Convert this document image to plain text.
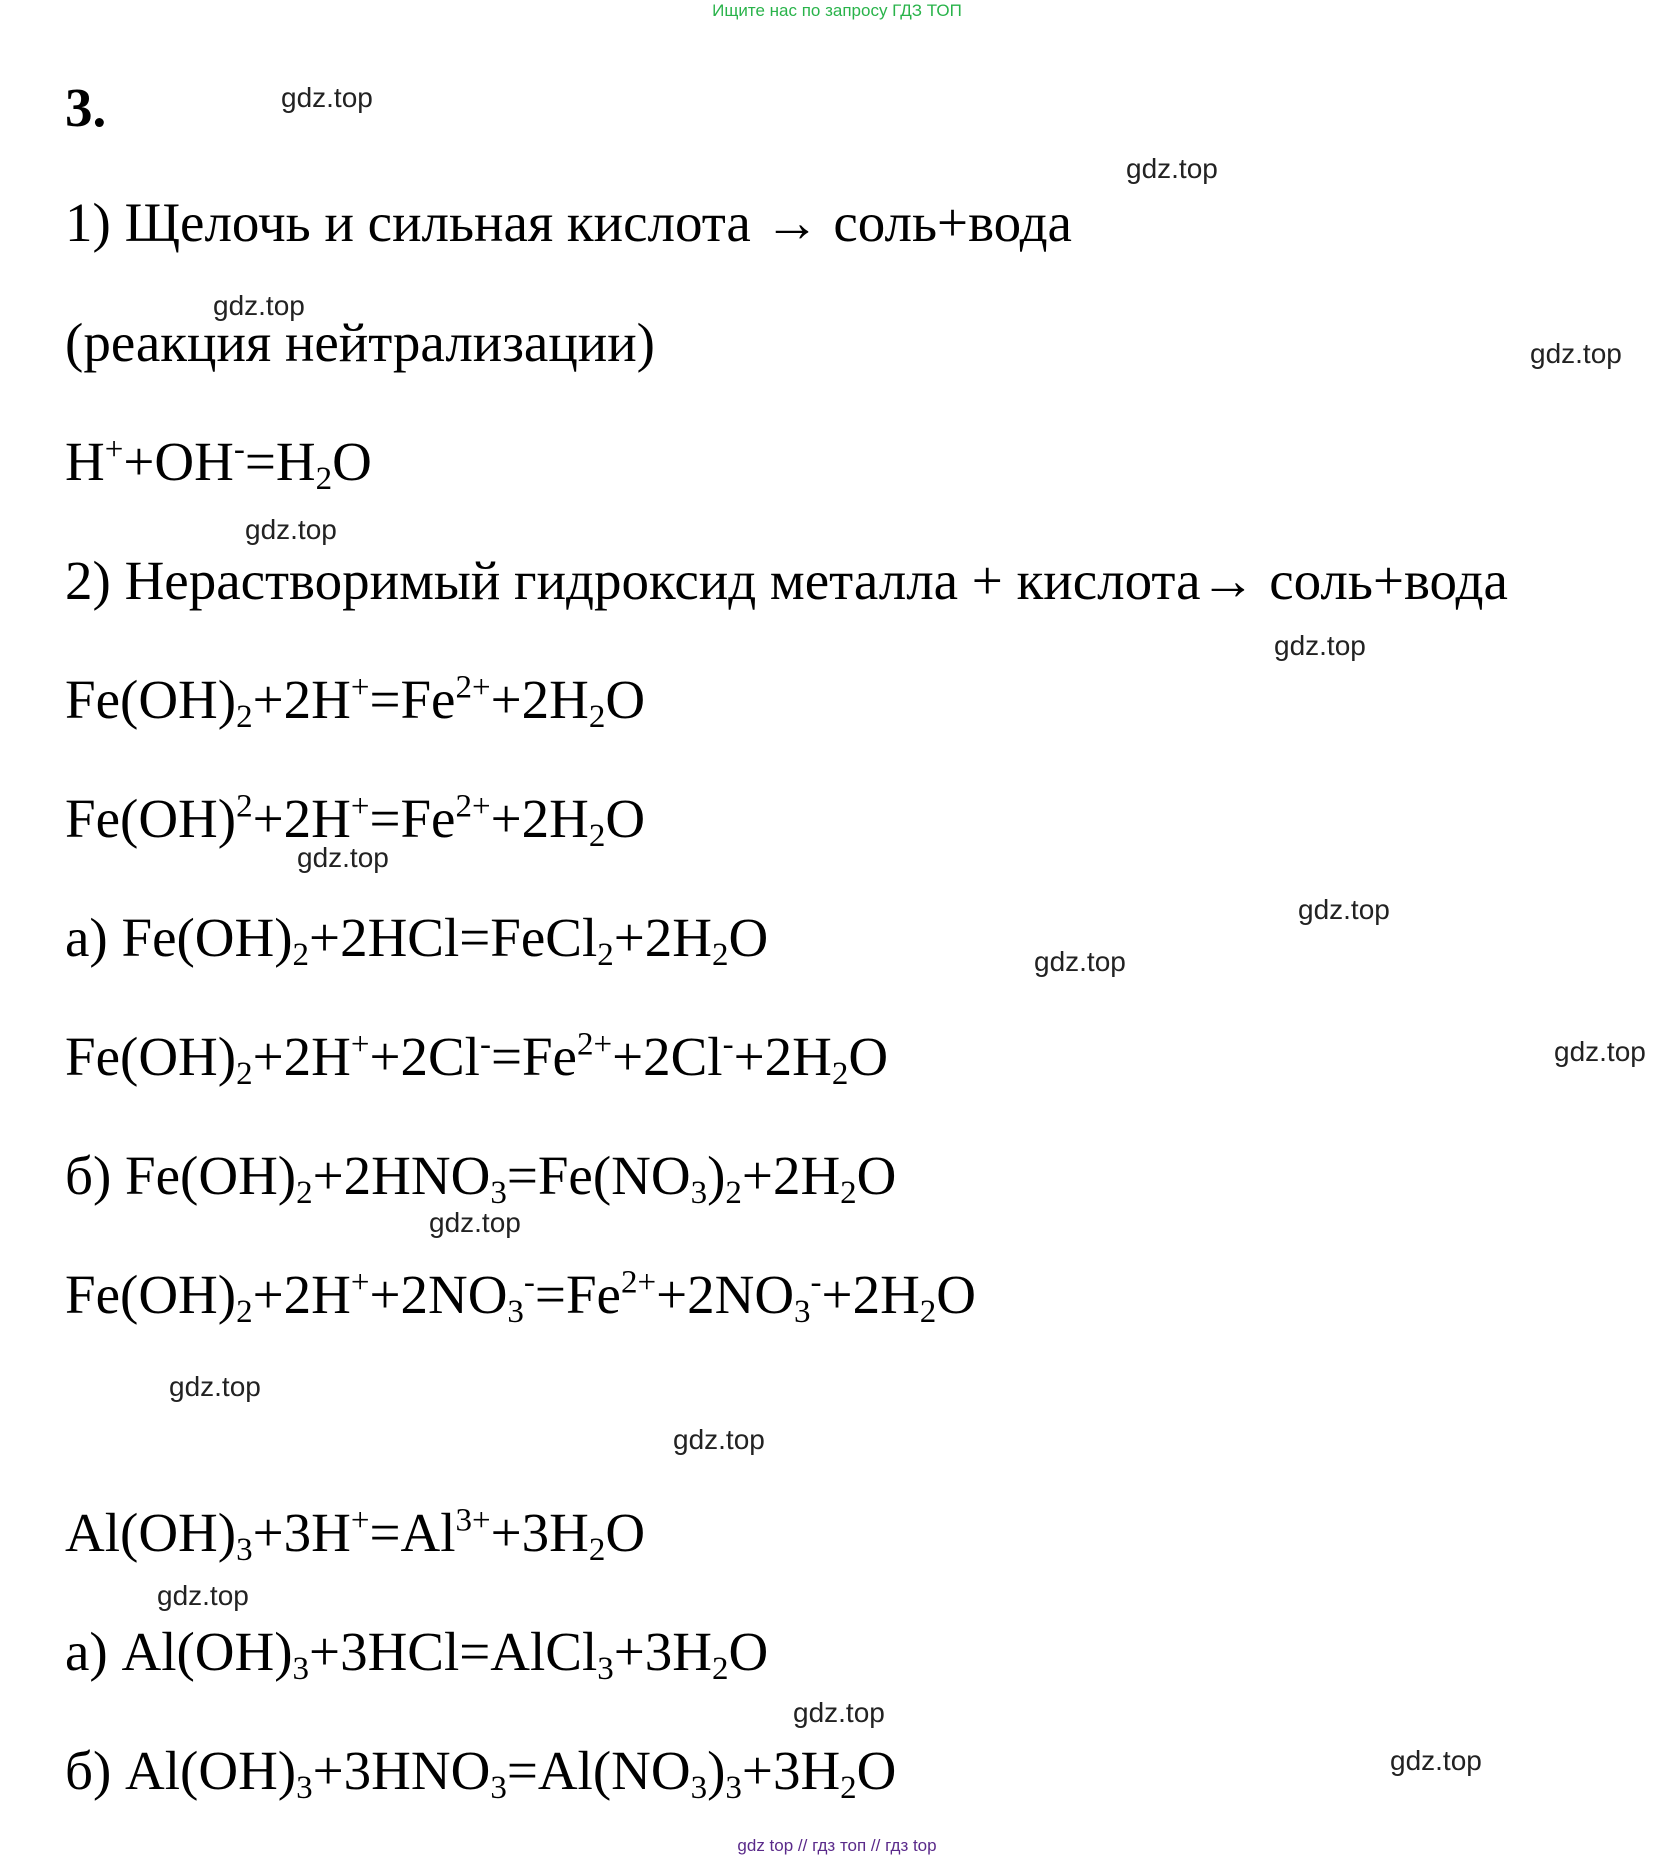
Ищите нас по запросу ГДЗ ТОП
3.
1) Щелочь и сильная кислота → соль+вода
(реакция нейтрализации)
$H^++OH^-=H_2O$
2) Нерастворимый гидроксид металла + кислота→ соль+вода
$Fe(OH)_2+2H^+=Fe^{2+}+2H_2O$
$Fe(OH)^2+2H^+=Fe^{2+}+2H_2O$
а) $Fe(OH)_2+2HCl=FeCl_2+2H_2O$
$Fe(OH)_2+2H^++2Cl^-=Fe^{2+}+2Cl^-+2H_2O$
б) $Fe(OH)_2+2HNO_3=Fe(NO_3)_2+2H_2O$
$Fe(OH)_2+2H^++2NO_3^-=Fe^{2+}+2NO_3^-+2H_2O$
$Al(OH)_3+3H^+=Al^{3+}+3H_2O$
а) $Al(OH)_3+3HCl=AlCl_3+3H_2O$
б) $Al(OH)_3+3HNO_3=Al(NO_3)_3+3H_2O$
gdz.top
gdz.top
gdz.top
gdz.top
gdz.top
gdz.top
gdz.top
gdz.top
gdz.top
gdz.top
gdz.top
gdz.top
gdz.top
gdz.top
gdz.top
gdz.top
gdz top // гдз топ // гдз top
